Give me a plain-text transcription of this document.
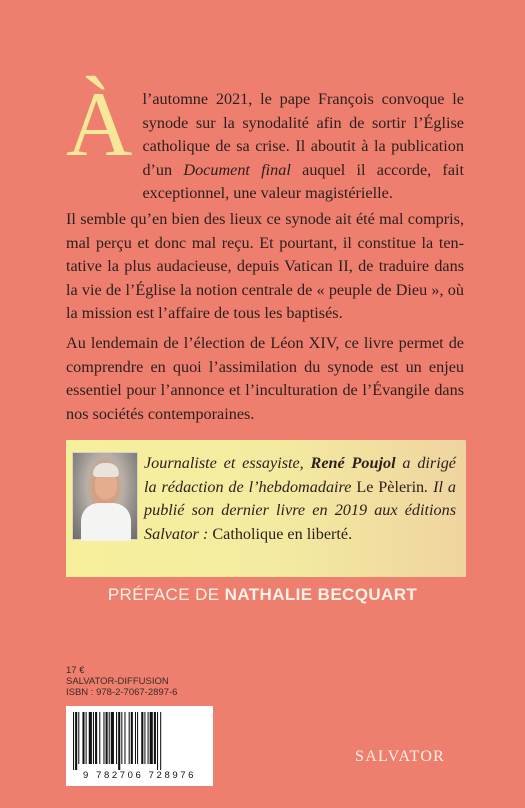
À l’automne 2021, le pape François convoque le synode sur la synodalité afin de sortir l’Église catholique de sa crise. Il aboutit à la publication d’un Document final auquel il accorde, fait exceptionnel, une valeur magistérielle.

Il semble qu’en bien des lieux ce synode ait été mal compris, mal perçu et donc mal reçu. Et pourtant, il constitue la tentative la plus audacieuse, depuis Vatican II, de traduire dans la vie de l’Église la notion centrale de « peuple de Dieu », où la mission est l’affaire de tous les baptisés.

Au lendemain de l’élection de Léon XIV, ce livre permet de comprendre en quoi l’assimilation du synode est un enjeu essentiel pour l’annonce et l’inculturation de l’Évangile dans nos sociétés contemporaines.

Journaliste et essayiste, René Poujol a dirigé la rédaction de l’hebdomadaire Le Pèlerin. Il a publié son dernier livre en 2019 aux éditions Salvator : Catholique en liberté.

PRÉFACE DE NATHALIE BECQUART
17 €
SALVATOR-DIFFUSION
ISBN : 978-2-7067-2897-6
9 782706 728976
SALVATOR
